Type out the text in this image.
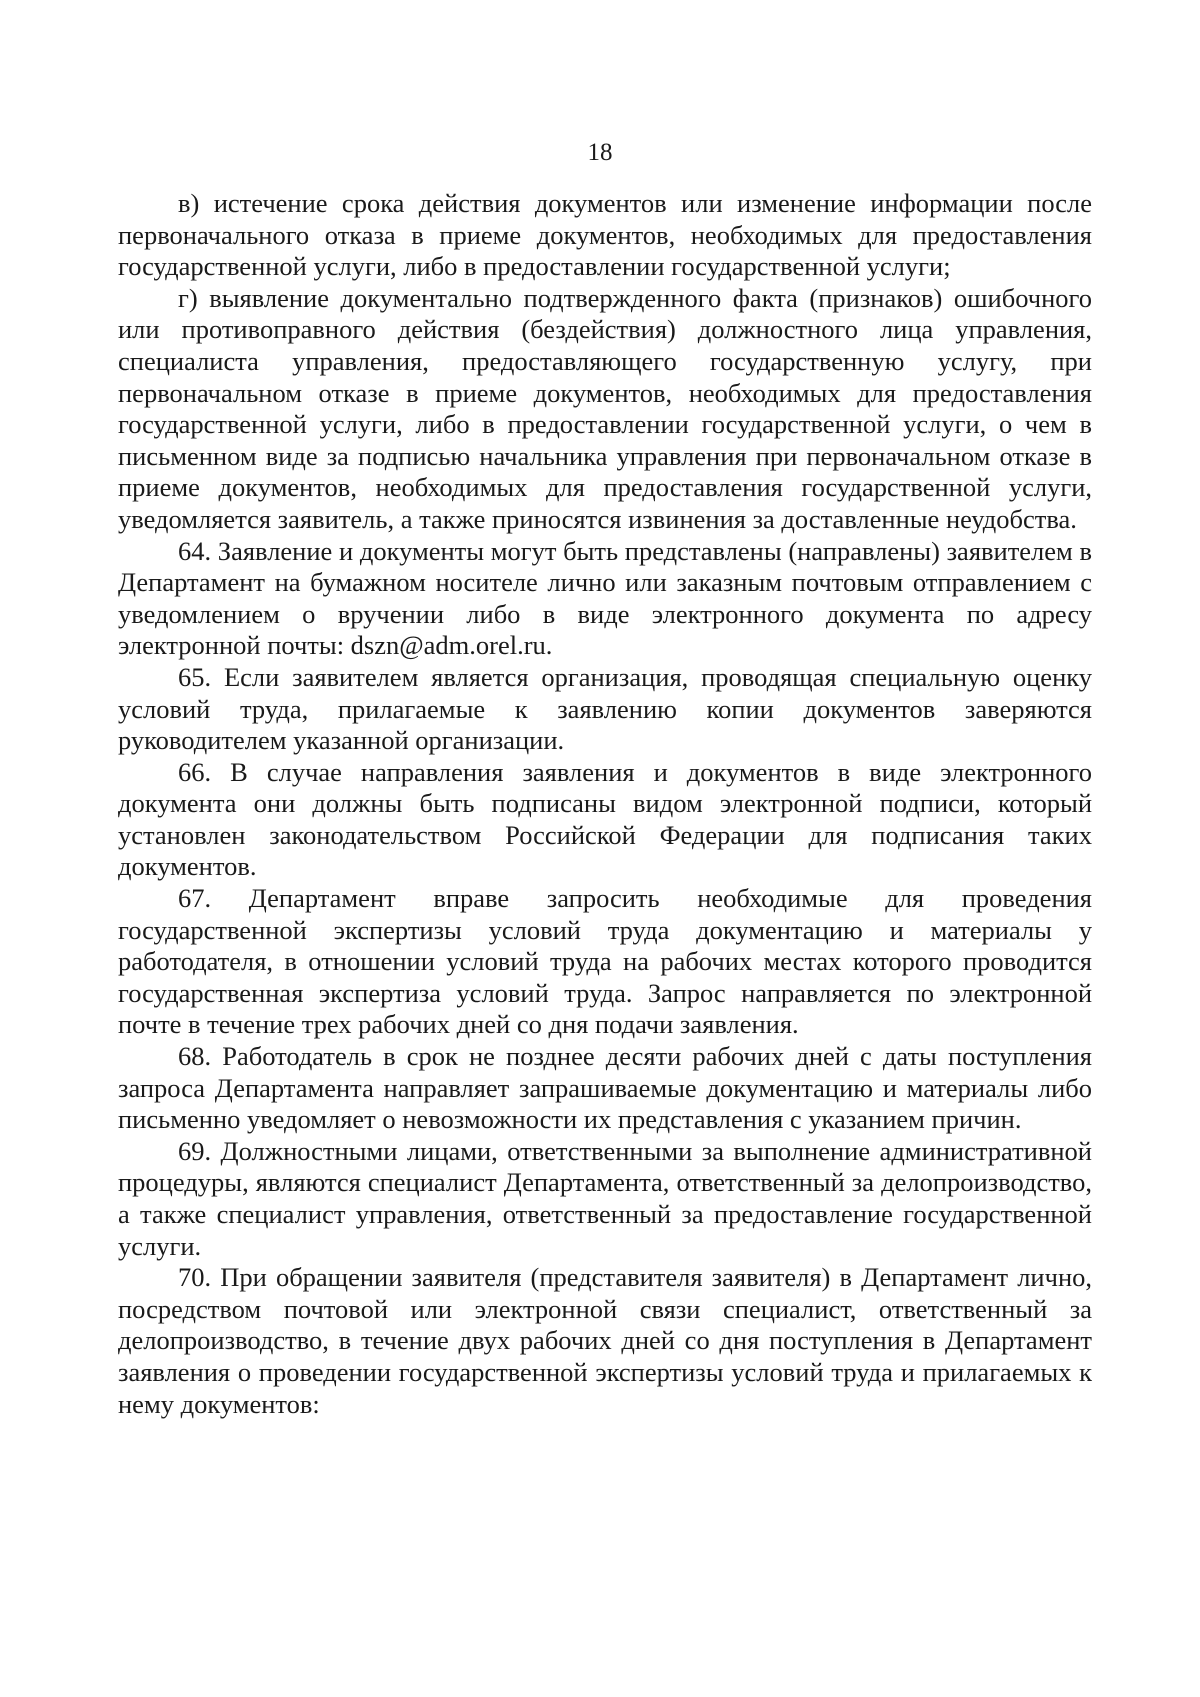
18

в) истечение срока действия документов или изменение информации после первоначального отказа в приеме документов, необходимых для предоставления государственной услуги, либо в предоставлении государственной услуги;

г) выявление документально подтвержденного факта (признаков) ошибочного или противоправного действия (бездействия) должностного лица управления, специалиста управления, предоставляющего государственную услугу, при первоначальном отказе в приеме документов, необходимых для предоставления государственной услуги, либо в предоставлении государственной услуги, о чем в письменном виде за подписью начальника управления при первоначальном отказе в приеме документов, необходимых для предоставления государственной услуги, уведомляется заявитель, а также приносятся извинения за доставленные неудобства.

64. Заявление и документы могут быть представлены (направлены) заявителем в Департамент на бумажном носителе лично или заказным почтовым отправлением с уведомлением о вручении либо в виде электронного документа по адресу электронной почты: dszn@adm.orel.ru.

65. Если заявителем является организация, проводящая специальную оценку условий труда, прилагаемые к заявлению копии документов заверяются руководителем указанной организации.

66. В случае направления заявления и документов в виде электронного документа они должны быть подписаны видом электронной подписи, который установлен законодательством Российской Федерации для подписания таких документов.

67. Департамент вправе запросить необходимые для проведения государственной экспертизы условий труда документацию и материалы у работодателя, в отношении условий труда на рабочих местах которого проводится государственная экспертиза условий труда. Запрос направляется по электронной почте в течение трех рабочих дней со дня подачи заявления.

68. Работодатель в срок не позднее десяти рабочих дней с даты поступления запроса Департамента направляет запрашиваемые документацию и материалы либо письменно уведомляет о невозможности их представления с указанием причин.

69. Должностными лицами, ответственными за выполнение административной процедуры, являются специалист Департамента, ответственный за делопроизводство, а также специалист управления, ответственный за предоставление государственной услуги.

70. При обращении заявителя (представителя заявителя) в Департамент лично, посредством почтовой или электронной связи специалист, ответственный за делопроизводство, в течение двух рабочих дней со дня поступления в Департамент заявления о проведении государственной экспертизы условий труда и прилагаемых к нему документов:
